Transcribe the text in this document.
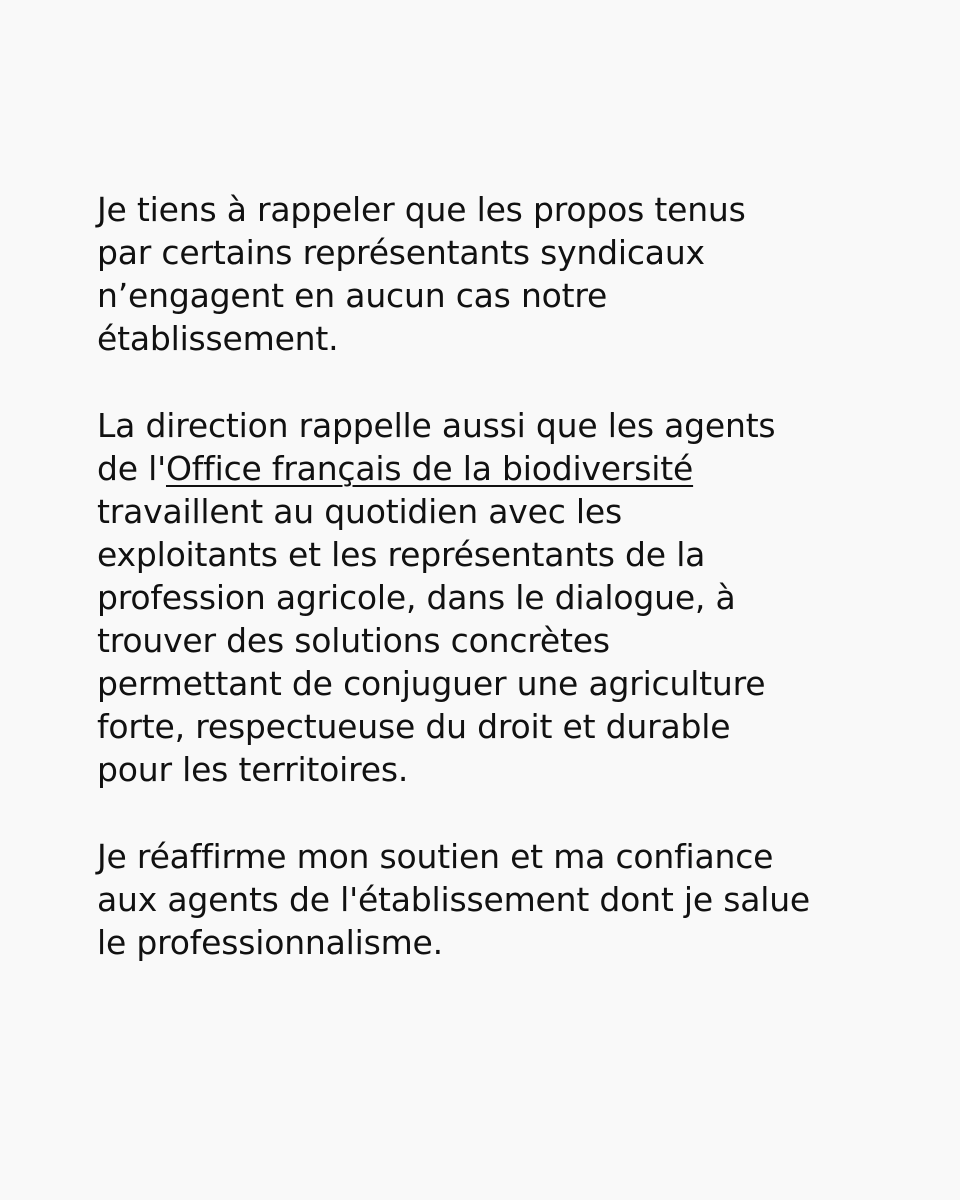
Je tiens à rappeler que les propos tenus
par certains représentants syndicaux
n’engagent en aucun cas notre
établissement.

La direction rappelle aussi que les agents
de l'Office français de la biodiversité
travaillent au quotidien avec les
exploitants et les représentants de la
profession agricole, dans le dialogue, à
trouver des solutions concrètes
permettant de conjuguer une agriculture
forte, respectueuse du droit et durable
pour les territoires.

Je réaffirme mon soutien et ma confiance
aux agents de l'établissement dont je salue
le professionnalisme.
